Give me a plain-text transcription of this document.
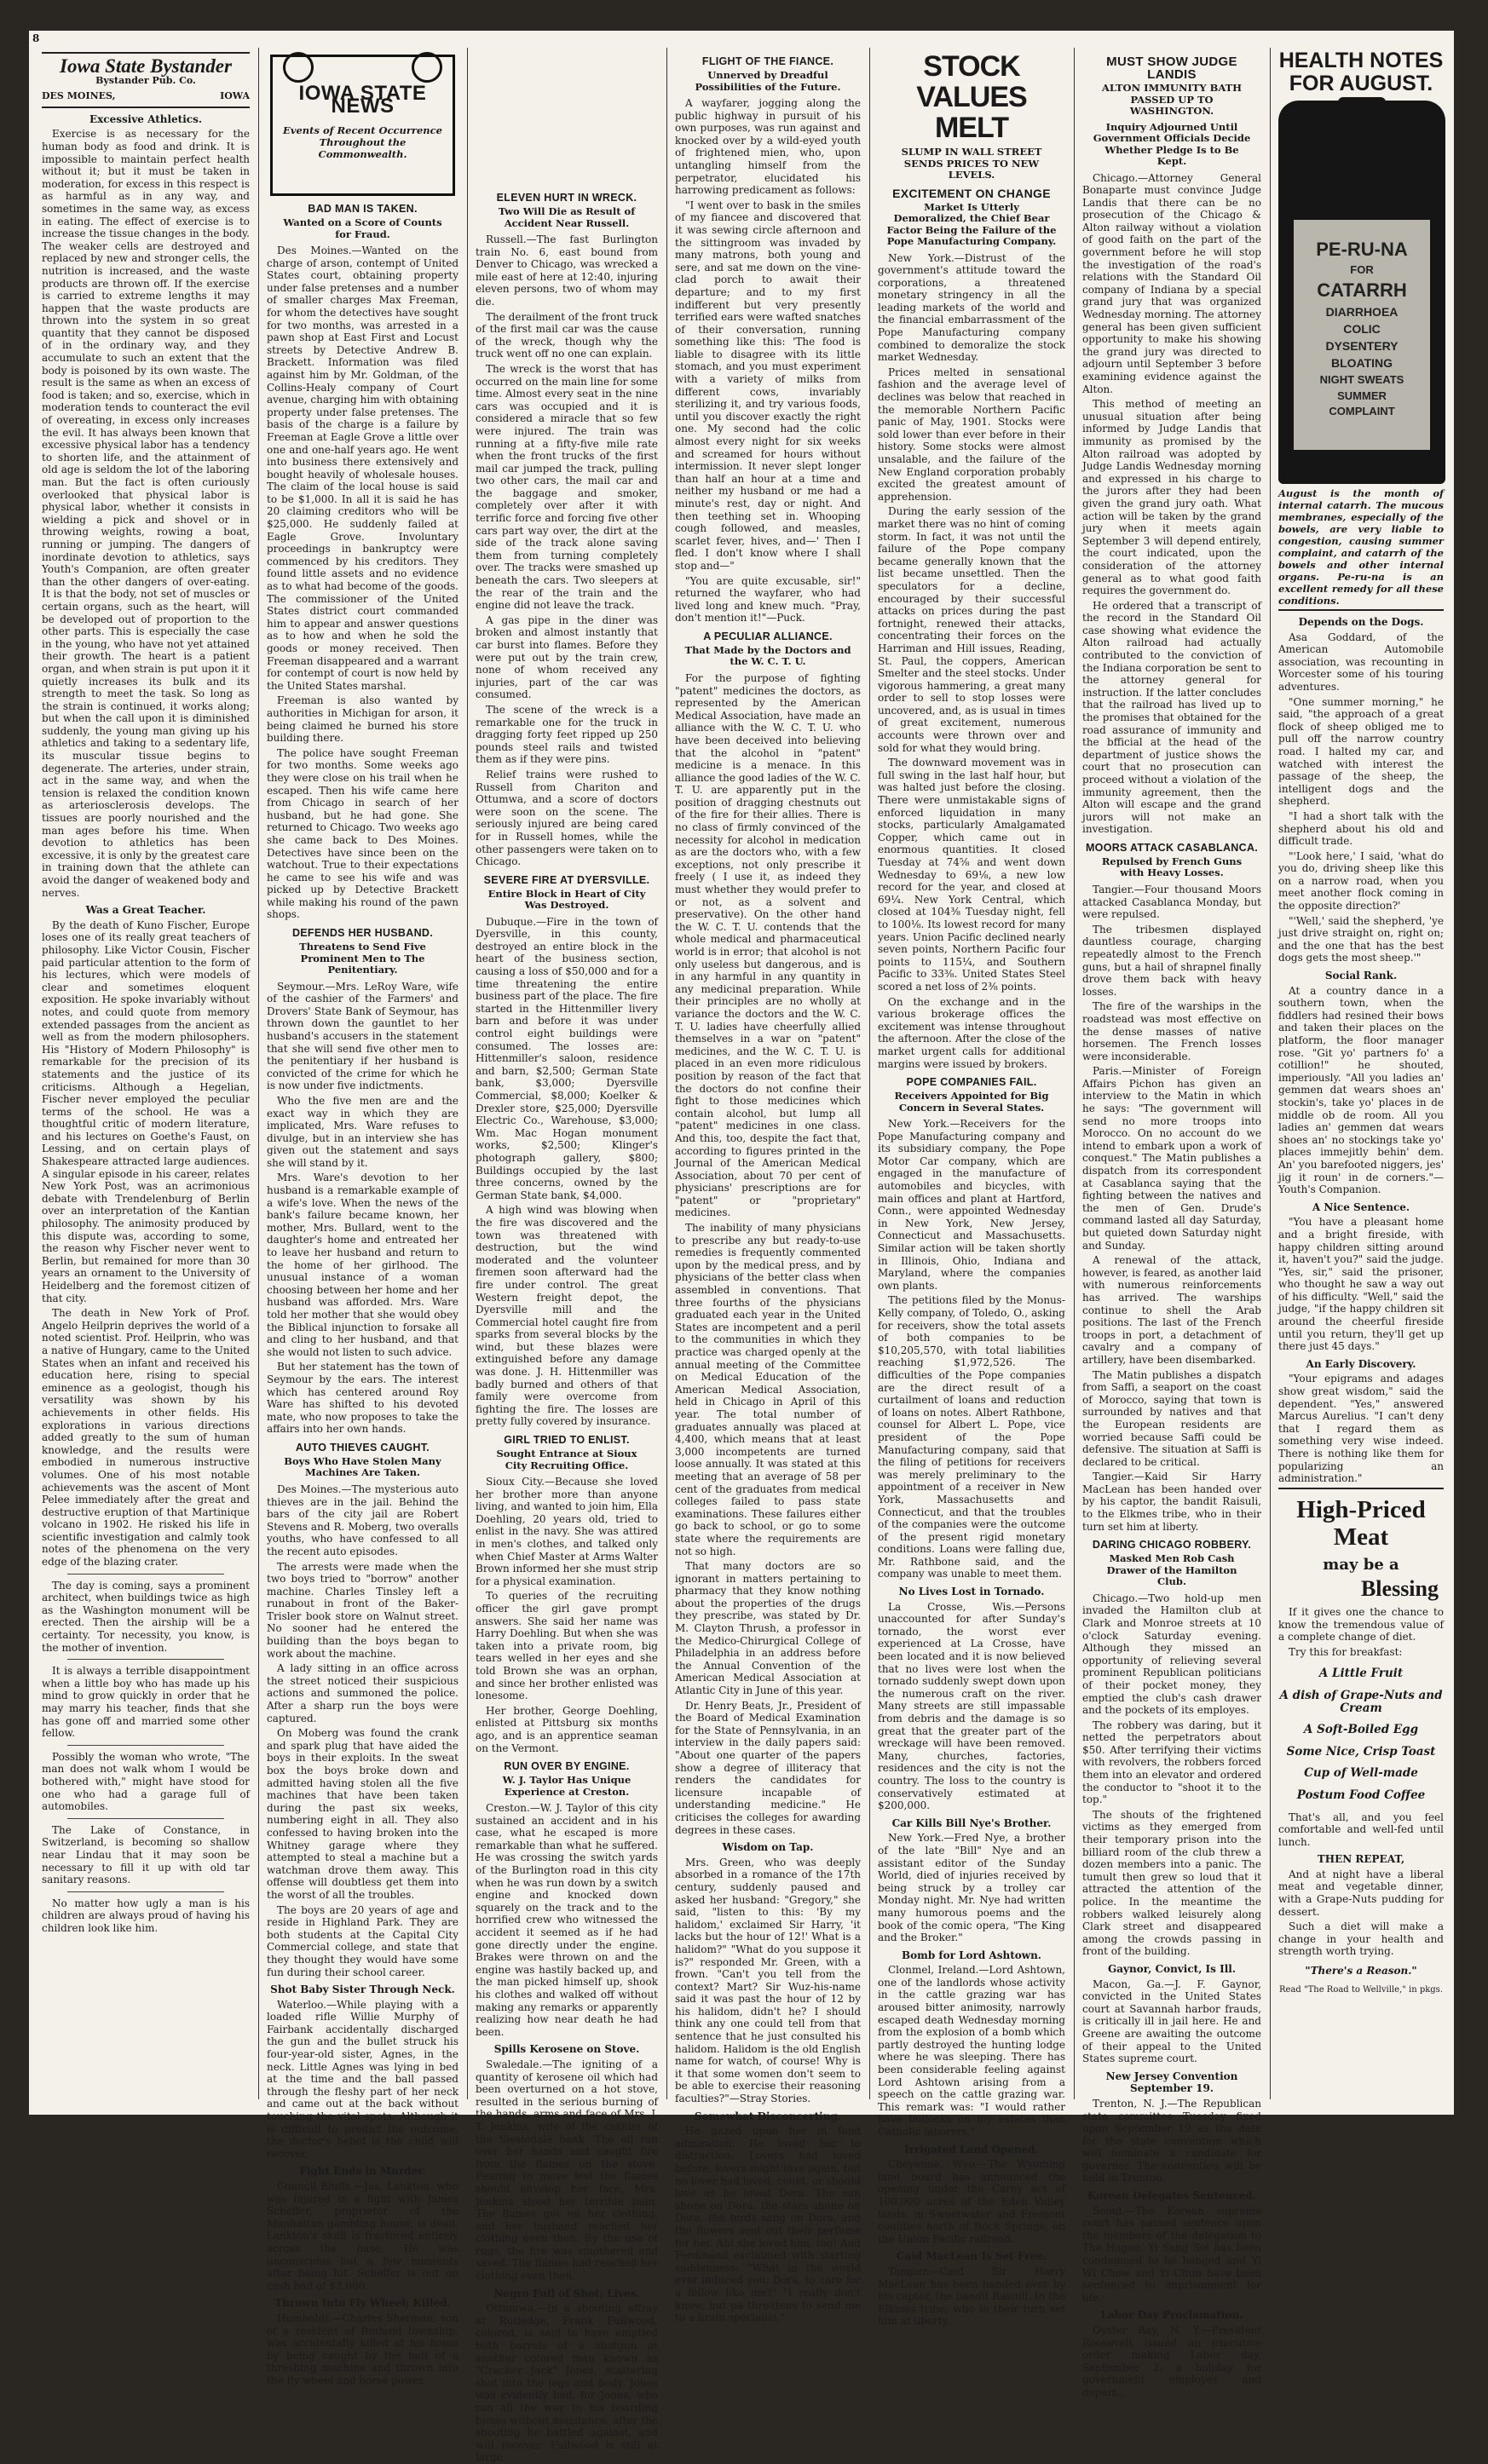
Iowa State Bystander
Bystander Pub. Co.
DES MOINES,	IOWA
Excessive Athletics.

Exercise is as necessary for the human body as food and drink. It is impossible to maintain perfect health without it; but it must be taken in moderation, for excess in this respect is as harmful as in any way, and sometimes in the same way, as excess in eating. The effect of exercise is to increase the tissue changes in the body. The weaker cells are destroyed and replaced by new and stronger cells, the nutrition is increased, and the waste products are thrown off. If the exercise is carried to extreme lengths it may happen that the waste products are thrown into the system in so great quantity that they cannot be disposed of in the ordinary way, and they accumulate to such an extent that the body is poisoned by its own waste. The result is the same as when an excess of food is taken; and so, exercise, which in moderation tends to counteract the evil of overeating, in excess only increases the evil. It has always been known that excessive physical labor has a tendency to shorten life, and the attainment of old age is seldom the lot of the laboring man. But the fact is often curiously overlooked that physical labor is physical labor, whether it consists in wielding a pick and shovel or in throwing weights, rowing a boat, running or jumping. The dangers of inordinate devotion to athletics, says Youth's Companion, are often greater than the other dangers of over-eating. It is that the body, not set of muscles or certain organs, such as the heart, will be developed out of proportion to the other parts. This is especially the case in the young, who have not yet attained their growth. The heart is a patient organ, and when strain is put upon it it quietly increases its bulk and its strength to meet the task. So long as the strain is continued, it works along; but when the call upon it is diminished suddenly, the young man giving up his athletics and taking to a sedentary life, its muscular tissue begins to degenerate. The arteries, under strain, act in the same way, and when the tension is relaxed the condition known as arteriosclerosis develops. The tissues are poorly nourished and the man ages before his time. When devotion to athletics has been excessive, it is only by the greatest care in training down that the athlete can avoid the danger of weakened body and nerves.

Was a Great Teacher.

By the death of Kuno Fischer, Europe loses one of its really great teachers of philosophy. Like Victor Cousin, Fischer paid particular attention to the form of his lectures, which were models of clear and sometimes eloquent exposition. He spoke invariably without notes, and could quote from memory extended passages from the ancient as well as from the modern philosophers. His "History of Modern Philosophy" is remarkable for the precision of its statements and the justice of its criticisms. Although a Hegelian, Fischer never employed the peculiar terms of the school. He was a thoughtful critic of modern literature, and his lectures on Goethe's Faust, on Lessing, and on certain plays of Shakespeare attracted large audiences. A singular episode in his career, relates New York Post, was an acrimonious debate with Trendelenburg of Berlin over an interpretation of the Kantian philosophy. The animosity produced by this dispute was, according to some, the reason why Fischer never went to Berlin, but remained for more than 30 years an ornament to the University of Heidelberg and the foremost citizen of that city.

The death in New York of Prof. Angelo Heilprin deprives the world of a noted scientist. Prof. Heilprin, who was a native of Hungary, came to the United States when an infant and received his education here, rising to special eminence as a geologist, though his versatility was shown by his achievements in other fields. His explorations in various directions added greatly to the sum of human knowledge, and the results were embodied in numerous instructive volumes. One of his most notable achievements was the ascent of Mont Pelee immediately after the great and destructive eruption of that Martinique volcano in 1902. He risked his life in scientific investigation and calmly took notes of the phenomena on the very edge of the blazing crater.

The day is coming, says a prominent architect, when buildings twice as high as the Washington monument will be erected. Then the airship will be a certainty. Tor necessity, you know, is the mother of invention.

It is always a terrible disappointment when a little boy who has made up his mind to grow quickly in order that he may marry his teacher, finds that she has gone off and married some other fellow.

Possibly the woman who wrote, "The man does not walk whom I would be bothered with," might have stood for one who had a garage full of automobiles.

The Lake of Constance, in Switzerland, is becoming so shallow near Lindau that it may soon be necessary to fill it up with old tar sanitary reasons.

No matter how ugly a man is his children are always proud of having his children look like him.

IOWA STATE NEWS
Events of Recent Occurrence Throughout the Commonwealth.
BAD MAN IS TAKEN.
Wanted on a Score of Counts for Fraud.

Des Moines.—Wanted on the charge of arson, contempt of United States court, obtaining property under false pretenses and a number of smaller charges Max Freeman, for whom the detectives have sought for two months, was arrested in a pawn shop at East First and Locust streets by Detective Andrew B. Brackett. Information was filed against him by Mr. Goldman, of the Collins-Healy company of Court avenue, charging him with obtaining property under false pretenses. The basis of the charge is a failure by Freeman at Eagle Grove a little over one and one-half years ago. He went into business there extensively and bought heavily of wholesale houses. The claim of the local house is said to be $1,000. In all it is said he has 20 claiming creditors who will be $25,000. He suddenly failed at Eagle Grove. Involuntary proceedings in bankruptcy were commenced by his creditors. They found little assets and no evidence as to what had become of the goods. The commissioner of the United States district court commanded him to appear and answer questions as to how and when he sold the goods or money received. Then Freeman disappeared and a warrant for contempt of court is now held by the United States marshal.

Freeman is also wanted by authorities in Michigan for arson, it being claimed he burned his store building there.

The police have sought Freeman for two months. Some weeks ago they were close on his trail when he escaped. Then his wife came here from Chicago in search of her husband, but he had gone. She returned to Chicago. Two weeks ago she came back to Des Moines. Detectives have since been on the watchout. True to their expectations he came to see his wife and was picked up by Detective Brackett while making his round of the pawn shops.

DEFENDS HER HUSBAND.
Threatens to Send Five Prominent Men to The Penitentiary.

Seymour.—Mrs. LeRoy Ware, wife of the cashier of the Farmers' and Drovers' State Bank of Seymour, has thrown down the gauntlet to her husband's accusers in the statement that she will send five other men to the penitentiary if her husband is convicted of the crime for which he is now under five indictments.

Who the five men are and the exact way in which they are implicated, Mrs. Ware refuses to divulge, but in an interview she has given out the statement and says she will stand by it.

Mrs. Ware's devotion to her husband is a remarkable example of a wife's love. When the news of the bank's failure became known, her mother, Mrs. Bullard, went to the daughter's home and entreated her to leave her husband and return to the home of her girlhood. The unusual instance of a woman choosing between her home and her husband was afforded. Mrs. Ware told her mother that she would obey the Biblical injunction to forsake all and cling to her husband, and that she would not listen to such advice.

But her statement has the town of Seymour by the ears. The interest which has centered around Roy Ware has shifted to his devoted mate, who now proposes to take the affairs into her own hands.

AUTO THIEVES CAUGHT.
Boys Who Have Stolen Many Machines Are Taken.

Des Moines.—The mysterious auto thieves are in the jail. Behind the bars of the city jail are Robert Stevens and R. Moberg, two overalls youths, who have confessed to all the recent auto episodes.

The arrests were made when the two boys tried to "borrow" another machine. Charles Tinsley left a runabout in front of the Baker-Trisler book store on Walnut street. No sooner had he entered the building than the boys began to work about the machine.

A lady sitting in an office across the street noticed their suspicious actions and summoned the police. After a sharp run the boys were captured.

On Moberg was found the crank and spark plug that have aided the boys in their exploits. In the sweat box the boys broke down and admitted having stolen all the five machines that have been taken during the past six weeks, numbering eight in all. They also confessed to having broken into the Whitney garage where they attempted to steal a machine but a watchman drove them away. This offense will doubtless get them into the worst of all the troubles.

The boys are 20 years of age and reside in Highland Park. They are both students at the Capital City Commercial college, and state that they thought they would have some fun during their school career.

Shot Baby Sister Through Neck.

Waterloo.—While playing with a loaded rifle Willie Murphy of Fairbank accidentally discharged the gun and the bullet struck his four-year-old sister, Agnes, in the neck. Little Agnes was lying in bed at the time and the ball passed through the fleshy part of her neck and came out at the back without touching the vital spots. Although it is difficult to predict the outcome, the doctor's belief is the child will recover.

Fight Ends in Murder.

Council Bluffs.—Jas. Lankton, who was injured in a fight with James Scheffer, proprietor of the Manhattan gambling house, is dead. Lankton's skull is fractured entirely across the base. He was unconscious but a few moments after being hit. Scheffer is out on cash bail of $2,000.

Thrown Into Fly Wheel; Killed.

Humboldt.—Charles Sherman, son of a resident of Rutland township, was accidentally killed at his home by being caught by the belt of a threshing machine and thrown into the fly wheel and horse power.

ELEVEN HURT IN WRECK.
Two Will Die as Result of Accident Near Russell.

Russell.—The fast Burlington train No. 6, east bound from Denver to Chicago, was wrecked a mile east of here at 12:40, injuring eleven persons, two of whom may die.

The derailment of the front truck of the first mail car was the cause of the wreck, though why the truck went off no one can explain.

The wreck is the worst that has occurred on the main line for some time. Almost every seat in the nine cars was occupied and it is considered a miracle that so few were injured. The train was running at a fifty-five mile rate when the front trucks of the first mail car jumped the track, pulling two other cars, the mail car and the baggage and smoker, completely over after it with terrific force and forcing five other cars part way over, the dirt at the side of the track alone saving them from turning completely over. The tracks were smashed up beneath the cars. Two sleepers at the rear of the train and the engine did not leave the track.

A gas pipe in the diner was broken and almost instantly that car burst into flames. Before they were put out by the train crew, none of whom received any injuries, part of the car was consumed.

The scene of the wreck is a remarkable one for the truck in dragging forty feet ripped up 250 pounds steel rails and twisted them as if they were pins.

Relief trains were rushed to Russell from Chariton and Ottumwa, and a score of doctors were soon on the scene. The seriously injured are being cared for in Russell homes, while the other passengers were taken on to Chicago.

SEVERE FIRE AT DYERSVILLE.
Entire Block in Heart of City Was Destroyed.

Dubuque.—Fire in the town of Dyersville, in this county, destroyed an entire block in the heart of the business section, causing a loss of $50,000 and for a time threatening the entire business part of the place. The fire started in the Hittenmiller livery barn and before it was under control eight buildings were consumed. The losses are: Hittenmiller's saloon, residence and barn, $2,500; German State bank, $3,000; Dyersville Commercial, $8,000; Koelker & Drexler store, $25,000; Dyersville Electric Co., Warehouse, $3,000; Wm. Mac Hogan monument works, $2,500; Klinger's photograph gallery, $800; Buildings occupied by the last three concerns, owned by the German State bank, $4,000.

A high wind was blowing when the fire was discovered and the town was threatened with destruction, but the wind moderated and the volunteer firemen soon afterward had the fire under control. The great Western freight depot, the Dyersville mill and the Commercial hotel caught fire from sparks from several blocks by the wind, but these blazes were extinguished before any damage was done. J. H. Hittenmiller was badly burned and others of that family were overcome from fighting the fire. The losses are pretty fully covered by insurance.

GIRL TRIED TO ENLIST.
Sought Entrance at Sioux City Recruiting Office.

Sioux City.—Because she loved her brother more than anyone living, and wanted to join him, Ella Doehling, 20 years old, tried to enlist in the navy. She was attired in men's clothes, and talked only when Chief Master at Arms Walter Brown informed her she must strip for a physical examination.

To queries of the recruiting officer the girl gave prompt answers. She said her name was Harry Doehling. But when she was taken into a private room, big tears welled in her eyes and she told Brown she was an orphan, and since her brother enlisted was lonesome.

Her brother, George Doehling, enlisted at Pittsburg six months ago, and is an apprentice seaman on the Vermont.

RUN OVER BY ENGINE.
W. J. Taylor Has Unique Experience at Creston.

Creston.—W. J. Taylor of this city sustained an accident and in his case, what he escaped is more remarkable than what he suffered. He was crossing the switch yards of the Burlington road in this city when he was run down by a switch engine and knocked down squarely on the track and to the horrified crew who witnessed the accident it seemed as if he had gone directly under the engine. Brakes were thrown on and the engine was hastily backed up, and the man picked himself up, shook his clothes and walked off without making any remarks or apparently realizing how near death he had been.

Spills Kerosene on Stove.

Swaledale.—The igniting of a quantity of kerosene oil which had been overturned on a hot stove, resulted in the serious burning of the hands, arms and face of Mrs. J. T. Jenkins, wife of the cashier of the Swaledale bank. The oil ran over her hands and caught fire from the flames on the stove. Fearing to move lest the flames should envelop her face, Mrs. Jenkins stood her terrible pain. The flames got on her clothing, and her husband reached her clothing even then. By the use of rugs, the fire was smothered and saved. The flames had reached her clothing even then.

Negro Full of Shot; Lives.

Ottumwa.—In a shooting affray at Rutledge, Frank Fullwood, colored, is said to have emptied both barrels of a shotgun at another colored man known as "Cracker Jack" Jones, scattering shot into the legs and body. Jones was evidently bad, for Jones, who ran all the way to his boarding house without assistance, after the shooting he battled against, and will recover. Fullwood is still at large.

FLIGHT OF THE FIANCE.
Unnerved by Dreadful Possibilities of the Future.

A wayfarer, jogging along the public highway in pursuit of his own purposes, was run against and knocked over by a wild-eyed youth of frightened mien, who, upon untangling himself from the perpetrator, elucidated his harrowing predicament as follows:

"I went over to bask in the smiles of my fiancee and discovered that it was sewing circle afternoon and the sittingroom was invaded by many matrons, both young and sere, and sat me down on the vine-clad porch to await their departure; and to my first indifferent but very presently terrified ears were wafted snatches of their conversation, running something like this: 'The food is liable to disagree with its little stomach, and you must experiment with a variety of milks from different cows, invariably sterilizing it, and try various foods, until you discover exactly the right one. My second had the colic almost every night for six weeks and screamed for hours without intermission. It never slept longer than half an hour at a time and neither my husband or me had a minute's rest, day or night. And then teething set in. Whooping cough followed, and measles, scarlet fever, hives, and—' Then I fled. I don't know where I shall stop and—"

"You are quite excusable, sir!" returned the wayfarer, who had lived long and knew much. "Pray, don't mention it!"—Puck.

A PECULIAR ALLIANCE.
That Made by the Doctors and the W. C. T. U.

For the purpose of fighting "patent" medicines the doctors, as represented by the American Medical Association, have made an alliance with the W. C. T. U. who have been deceived into believing that the alcohol in "patent" medicine is a menace. In this alliance the good ladies of the W. C. T. U. are apparently put in the position of dragging chestnuts out of the fire for their allies. There is no class of firmly convinced of the necessity for alcohol in medication as are the doctors who, with a few exceptions, not only prescribe it freely ( I use it, as indeed they must whether they would prefer to or not, as a solvent and preservative). On the other hand the W. C. T. U. contends that the whole medical and pharmaceutical world is in error; that alcohol is not only useless but dangerous, and is in any harmful in any quantity in any medicinal preparation. While their principles are no wholly at variance the doctors and the W. C. T. U. ladies have cheerfully allied themselves in a war on "patent" medicines, and the W. C. T. U. is placed in an even more ridiculous position by reason of the fact that the doctors do not confine their fight to those medicines which contain alcohol, but lump all "patent" medicines in one class. And this, too, despite the fact that, according to figures printed in the Journal of the American Medical Association, about 70 per cent of physicians' prescriptions are for "patent" or "proprietary" medicines.

The inability of many physicians to prescribe any but ready-to-use remedies is frequently commented upon by the medical press, and by physicians of the better class when assembled in conventions. That three fourths of the physicians graduated each year in the United States are incompetent and a peril to the communities in which they practice was charged openly at the annual meeting of the Committee on Medical Education of the American Medical Association, held in Chicago in April of this year. The total number of graduates annually was placed at 4,400, which means that at least 3,000 incompetents are turned loose annually. It was stated at this meeting that an average of 58 per cent of the graduates from medical colleges failed to pass state examinations. These failures either go back to school, or go to some state where the requirements are not so high.

That many doctors are so ignorant in matters pertaining to pharmacy that they know nothing about the properties of the drugs they prescribe, was stated by Dr. M. Clayton Thrush, a professor in the Medico-Chirurgical College of Philadelphia in an address before the Annual Convention of the American Medical Association at Atlantic City in June of this year.

Dr. Henry Beats, Jr., President of the Board of Medical Examination for the State of Pennsylvania, in an interview in the daily papers said: "About one quarter of the papers show a degree of illiteracy that renders the candidates for licensure incapable of understanding medicine." He criticises the colleges for awarding degrees in these cases.

Wisdom on Tap.

Mrs. Green, who was deeply absorbed in a romance of the 17th century, suddenly paused and asked her husband: "Gregory," she said, "listen to this: 'By my halidom,' exclaimed Sir Harry, 'it lacks but the hour of 12!' What is a halidom?" "What do you suppose it is?" responded Mr. Green, with a frown. "Can't you tell from the context? Mart? Sir Wuz-his-name said it was past the hour of 12 by his halidom, didn't he? I should think any one could tell from that sentence that he just consulted his halidom. Halidom is the old English name for watch, of course! Why is it that some women don't seem to be able to exercise their reasoning faculties?"—Stray Stories.

Somewhat Disconcerting.

He gazed upon her in fond admiration. He loved her to distraction. Lovers had loved before, lovers might love again, but no lover had loved, could, or should love as he loved Dora. The sun shone on Dora, the stars shone on Dora, the birds sang on Dora, and the flowers sent out their perfume for her. Ah! she loved him, too! And Ferdinand exclaimed with starting suddenness: "What in the world ever induced you, Dora, to care for a fellow like me?" "I really don't know, but pa threatens to send me to a brain specialist."

STOCK VALUES MELT
SLUMP IN WALL STREET SENDS PRICES TO NEW LEVELS.
EXCITEMENT ON CHANGE
Market Is Utterly Demoralized, the Chief Bear Factor Being the Failure of the Pope Manufacturing Company.

New York.—Distrust of the government's attitude toward the corporations, a threatened monetary stringency in all the leading markets of the world and the financial embarrassment of the Pope Manufacturing company combined to demoralize the stock market Wednesday.

Prices melted in sensational fashion and the average level of declines was below that reached in the memorable Northern Pacific panic of May, 1901. Stocks were sold lower than ever before in their history. Some stocks were almost unsalable, and the failure of the New England corporation probably excited the greatest amount of apprehension.

During the early session of the market there was no hint of coming storm. In fact, it was not until the failure of the Pope company became generally known that the list became unsettled. Then the speculators for a decline, encouraged by their successful attacks on prices during the past fortnight, renewed their attacks, concentrating their forces on the Harriman and Hill issues, Reading, St. Paul, the coppers, American Smelter and the steel stocks. Under vigorous hammering, a great many order to sell to stop losses were uncovered, and, as is usual in times of great excitement, numerous accounts were thrown over and sold for what they would bring.

The downward movement was in full swing in the last half hour, but was halted just before the closing. There were unmistakable signs of enforced liquidation in many stocks, particularly Amalgamated Copper, which came out in enormous quantities. It closed Tuesday at 74⅝ and went down Wednesday to 69⅛, a new low record for the year, and closed at 69¼. New York Central, which closed at 104⅜ Tuesday night, fell to 100⅛. Its lowest record for many years. Union Pacific declined nearly seven points, Northern Pacific four points to 115¼, and Southern Pacific to 33⅜. United States Steel scored a net loss of 2⅜ points.

On the exchange and in the various brokerage offices the excitement was intense throughout the afternoon. After the close of the market urgent calls for additional margins were issued by brokers.

POPE COMPANIES FAIL.
Receivers Appointed for Big Concern in Several States.

New York.—Receivers for the Pope Manufacturing company and its subsidiary company, the Pope Motor Car company, which are engaged in the manufacture of automobiles and bicycles, with main offices and plant at Hartford, Conn., were appointed Wednesday in New York, New Jersey, Connecticut and Massachusetts. Similar action will be taken shortly in Illinois, Ohio, Indiana and Maryland, where the companies own plants.

The petitions filed by the Monus-Kelly company, of Toledo, O., asking for receivers, show the total assets of both companies to be $10,205,570, with total liabilities reaching $1,972,526. The difficulties of the Pope companies are the direct result of a curtailment of loans and reduction of loans on notes. Albert Rathbone, counsel for Albert L. Pope, vice president of the Pope Manufacturing company, said that the filing of petitions for receivers was merely preliminary to the appointment of a receiver in New York, Massachusetts and Connecticut, and that the troubles of the companies were the outcome of the present rigid monetary conditions. Loans were falling due, Mr. Rathbone said, and the company was unable to meet them.

No Lives Lost in Tornado.

La Crosse, Wis.—Persons unaccounted for after Sunday's tornado, the worst ever experienced at La Crosse, have been located and it is now believed that no lives were lost when the tornado suddenly swept down upon the numerous craft on the river. Many streets are still impassable from debris and the damage is so great that the greater part of the wreckage will have been removed. Many, churches, factories, residences and the city is not the country. The loss to the country is conservatively estimated at $200,000.

Car Kills Bill Nye's Brother.

New York.—Fred Nye, a brother of the late "Bill" Nye and an assistant editor of the Sunday World, died of injuries received by being struck by a trolley car Monday night. Mr. Nye had written many humorous poems and the book of the comic opera, "The King and the Broker."

Bomb for Lord Ashtown.

Clonmel, Ireland.—Lord Ashtown, one of the landlords whose activity in the cattle grazing war has aroused bitter animosity, narrowly escaped death Wednesday morning from the explosion of a bomb which partly destroyed the hunting lodge where he was sleeping. There has been considerable feeling against Lord Ashtown arising from a speech on the cattle grazing war. This remark was: "I would rather have bullocks on my estates than Catholic laborers."

Irrigated Land Opened.

Cheyenne, Wyo.—The Wyoming land board has announced the opening under the Carey act of 100,000 acres of the Eden Valley lands, in Sweetwater and Fremont counties north of Rock Springs, on the Union Pacific railroad.

Caid MacLean Is Set Free.

Tangier.—Caid Sir Harry MacLean has been handed over by his captor, the bandit Raisuli, to the Elkmes tribe, who in their turn set him at liberty.

MUST SHOW JUDGE LANDIS
ALTON IMMUNITY BATH PASSED UP TO WASHINGTON.
Inquiry Adjourned Until Government Officials Decide Whether Pledge Is to Be Kept.

Chicago.—Attorney General Bonaparte must convince Judge Landis that there can be no prosecution of the Chicago & Alton railway without a violation of good faith on the part of the government before he will stop the investigation of the road's relations with the Standard Oil company of Indiana by a special grand jury that was organized Wednesday morning. The attorney general has been given sufficient opportunity to make his showing the grand jury was directed to adjourn until September 3 before examining evidence against the Alton.

This method of meeting an unusual situation after being informed by Judge Landis that immunity as promised by the Alton railroad was adopted by Judge Landis Wednesday morning and expressed in his charge to the jurors after they had been given the grand jury oath. What action will be taken by the grand jury when it meets again September 3 will depend entirely, the court indicated, upon the consideration of the attorney general as to what good faith requires the government do.

He ordered that a transcript of the record in the Standard Oil case showing what evidence the Alton railroad had actually contributed to the conviction of the Indiana corporation be sent to the attorney general for instruction. If the latter concludes that the railroad has lived up to the promises that obtained for the road assurance of immunity and the bfficial at the head of the department of justice shows the court that no prosecution can proceed without a violation of the immunity agreement, then the Alton will escape and the grand jurors will not make an investigation.

MOORS ATTACK CASABLANCA.
Repulsed by French Guns with Heavy Losses.

Tangier.—Four thousand Moors attacked Casablanca Monday, but were repulsed.

The tribesmen displayed dauntless courage, charging repeatedly almost to the French guns, but a hail of shrapnel finally drove them back with heavy losses.

The fire of the warships in the roadstead was most effective on the dense masses of native horsemen. The French losses were inconsiderable.

Paris.—Minister of Foreign Affairs Pichon has given an interview to the Matin in which he says: "The government will send no more troops into Morocco. On no account do we intend to embark upon a work of conquest." The Matin publishes a dispatch from its correspondent at Casablanca saying that the fighting between the natives and the men of Gen. Drude's command lasted all day Saturday, but quieted down Saturday night and Sunday.

A renewal of the attack, however, is feared, as another laid with numerous reinforcements has arrived. The warships continue to shell the Arab positions. The last of the French troops in port, a detachment of cavalry and a company of artillery, have been disembarked.

The Matin publishes a dispatch from Saffi, a seaport on the coast of Morocco, saying that town is surrounded by natives and that the European residents are worried because Saffi could be defensive. The situation at Saffi is declared to be critical.

Tangier.—Kaid Sir Harry MacLean has been handed over by his captor, the bandit Raisuli, to the Elkmes tribe, who in their turn set him at liberty.

DARING CHICAGO ROBBERY.
Masked Men Rob Cash Drawer of the Hamilton Club.

Chicago.—Two hold-up men invaded the Hamilton club at Clark and Monroe streets at 10 o'clock Saturday evening. Although they missed an opportunity of relieving several prominent Republican politicians of their pocket money, they emptied the club's cash drawer and the pockets of its employes.

The robbery was daring, but it netted the perpetrators about $50. After terrifying their victims with revolvers, the robbers forced them into an elevator and ordered the conductor to "shoot it to the top."

The shouts of the frightened victims as they emerged from their temporary prison into the billiard room of the club threw a dozen members into a panic. The tumult then grew so loud that it attracted the attention of the police. In the meantime the robbers walked leisurely along Clark street and disappeared among the crowds passing in front of the building.

Gaynor, Convict, Is Ill.

Macon, Ga.—J. F. Gaynor, convicted in the United States court at Savannah harbor frauds, is critically ill in jail here. He and Greene are awaiting the outcome of their appeal to the United States supreme court.

New Jersey Convention September 19.

Trenton, N. J.—The Republican state committee Tuesday fixed upon September 19 as the date for the state convention which will nominate a candidate for governor. The convention will be held in Trenton.

Korean Delegates Sentenced.

Seoul.—The Korean supreme court has passed sentence upon the members of the delegation to The Hague. Yi Sang Sol has been condemned to be hanged and Yi Wi Chow and Yi Chun have been sentenced to imprisonment for life.

Labor Day Proclamation.

Oyster Bay, N. Y.—President Roosevelt issued an executive order making Labor day, September 2, a holiday for government employes and depart...

HEALTH NOTES FOR AUGUST.
PE-RU-NA
FOR
CATARRH
DIARRHOEA
COLIC
DYSENTERY
BLOATING
NIGHT SWEATS
SUMMER
COMPLAINT
August is the month of internal catarrh. The mucous membranes, especially of the bowels, are very liable to congestion, causing summer complaint, and catarrh of the bowels and other internal organs. Pe-ru-na is an excellent remedy for all these conditions.
Depends on the Dogs.

Asa Goddard, of the American Automobile association, was recounting in Worcester some of his touring adventures.

"One summer morning," he said, "the approach of a great flock of sheep obliged me to pull off the narrow country road. I halted my car, and watched with interest the passage of the sheep, the intelligent dogs and the shepherd.

"I had a short talk with the shepherd about his old and difficult trade.

"'Look here,' I said, 'what do you do, driving sheep like this on a narrow road, when you meet another flock coming in the opposite direction?'

"'Well,' said the shepherd, 'ye just drive straight on, right on; and the one that has the best dogs gets the most sheep.'"

Social Rank.

At a country dance in a southern town, when the fiddlers had resined their bows and taken their places on the platform, the floor manager rose. "Git yo' partners fo' a cotillion!" he shouted, imperiously. "All you ladies an' gemmen dat wears shoes an' stockin's, take yo' places in de middle ob de room. All you ladies an' gemmen dat wears shoes an' no stockings take yo' places immejitly behin' dem. An' you barefooted niggers, jes' jig it roun' in de corners."—Youth's Companion.

A Nice Sentence.

"You have a pleasant home and a bright fireside, with happy children sitting around it, haven't you?" said the judge. "Yes, sir," said the prisoner, who thought he saw a way out of his difficulty. "Well," said the judge, "if the happy children sit around the cheerful fireside until you return, they'll get up there just 45 days."

An Early Discovery.

"Your epigrams and adages show great wisdom," said the dependent. "Yes," answered Marcus Aurelius. "I can't deny that I regard them as something very wise indeed. There is nothing like them for popularizing an administration."

High-Priced Meat
may be a
Blessing

If it gives one the chance to know the tremendous value of a complete change of diet.

Try this for breakfast:

A Little Fruit
A dish of Grape-Nuts and Cream
A Soft-Boiled Egg
Some Nice, Crisp Toast
Cup of Well-made
Postum Food Coffee

That's all, and you feel comfortable and well-fed until lunch.

THEN REPEAT,

And at night have a liberal meat and vegetable dinner, with a Grape-Nuts pudding for dessert.

Such a diet will make a change in your health and strength worth trying.

"There's a Reason."
Read "The Road to Wellville," in pkgs.
8
